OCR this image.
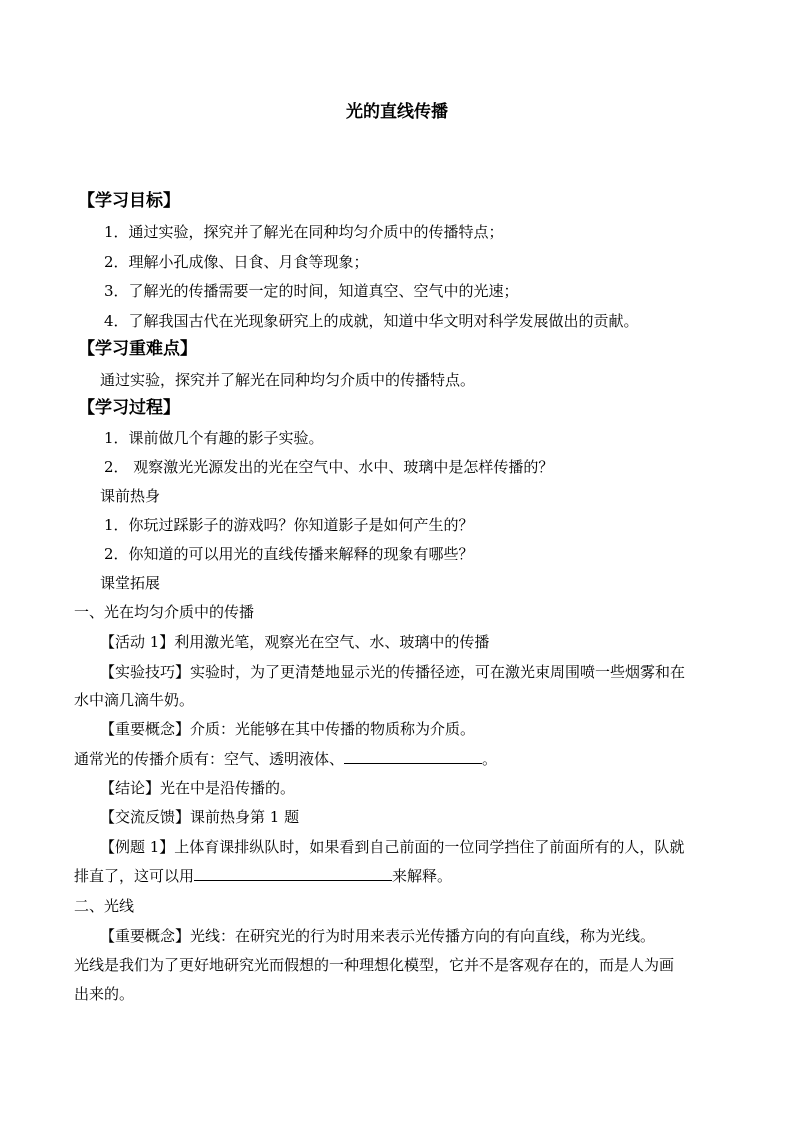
光的直线传播
【学习目标】
1．通过实验，探究并了解光在同种均匀介质中的传播特点；
2．理解小孔成像、日食、月食等现象；
3．了解光的传播需要一定的时间，知道真空、空气中的光速；
4．了解我国古代在光现象研究上的成就，知道中华文明对科学发展做出的贡献。
【学习重难点】
通过实验，探究并了解光在同种均匀介质中的传播特点。
【学习过程】
1．课前做几个有趣的影子实验。
2． 观察激光光源发出的光在空气中、水中、玻璃中是怎样传播的？
课前热身
1．你玩过踩影子的游戏吗？你知道影子是如何产生的？
2．你知道的可以用光的直线传播来解释的现象有哪些？
课堂拓展
一、光在均匀介质中的传播
【活动 1】利用激光笔，观察光在空气、水、玻璃中的传播
【实验技巧】实验时，为了更清楚地显示光的传播径迹，可在激光束周围喷一些烟雾和在
水中滴几滴牛奶。
【重要概念】介质：光能够在其中传播的物质称为介质。
通常光的传播介质有：空气、透明液体、	。
【结论】光在中是沿传播的。
【交流反馈】课前热身第 1 题
【例题 1】上体育课排纵队时，如果看到自己前面的一位同学挡住了前面所有的人，队就
排直了，这可以用	来解释。
二、光线
【重要概念】光线：在研究光的行为时用来表示光传播方向的有向直线，称为光线。
光线是我们为了更好地研究光而假想的一种理想化模型，它并不是客观存在的，而是人为画
出来的。
